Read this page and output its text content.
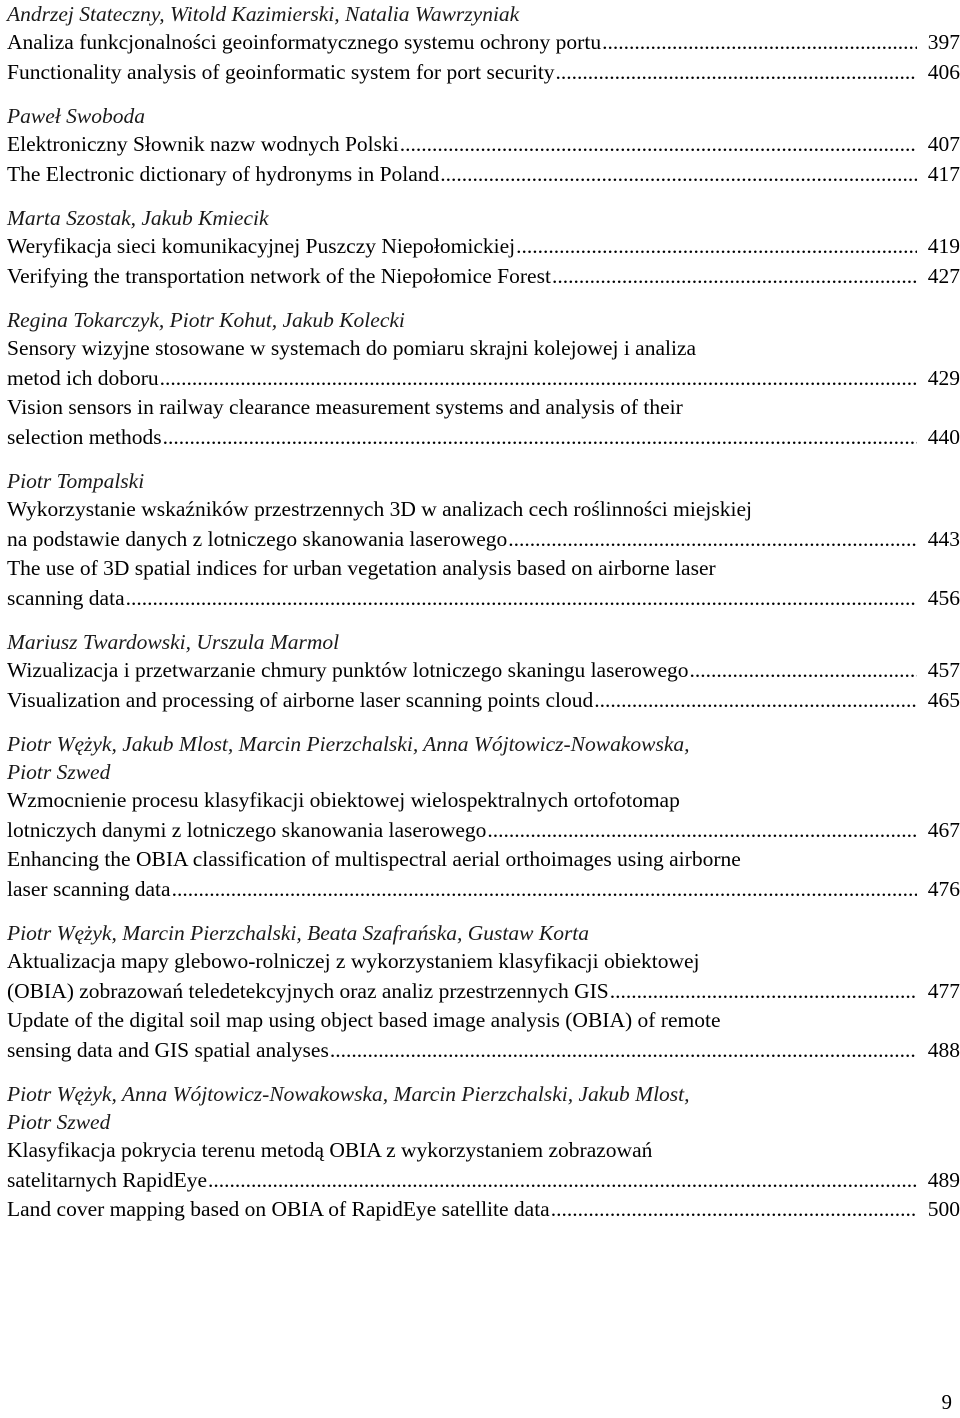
Andrzej Stateczny, Witold Kazimierski, Natalia Wawrzyniak
Analiza funkcjonalności geoinformatycznego systemu ochrony portu .....	397
Functionality analysis of geoinformatic system for port security .....	406
Paweł Swoboda
Elektroniczny Słownik nazw wodnych Polski .....	407
The Electronic dictionary of hydronyms in Poland .....	417
Marta Szostak, Jakub Kmiecik
Weryfikacja sieci komunikacyjnej Puszczy Niepołomickiej .....	419
Verifying the transportation network of the Niepołomice Forest .....	427
Regina Tokarczyk, Piotr Kohut, Jakub Kolecki
Sensory wizyjne stosowane w systemach do pomiaru skrajni kolejowej i analiza
metod ich doboru .....	429
Vision sensors in railway clearance measurement systems and analysis of their
selection methods .....	440
Piotr Tompalski
Wykorzystanie wskaźników przestrzennych 3D w analizach cech roślinności miejskiej
na podstawie danych z lotniczego skanowania laserowego .....	443
The use of 3D spatial indices for urban vegetation analysis based on airborne laser
scanning data .....	456
Mariusz Twardowski, Urszula Marmol
Wizualizacja i przetwarzanie chmury punktów lotniczego skaningu laserowego .....	457
Visualization and processing of airborne laser scanning points cloud .....	465
Piotr Wężyk, Jakub Mlost, Marcin Pierzchalski, Anna Wójtowicz-Nowakowska,
Piotr Szwed
Wzmocnienie procesu klasyfikacji obiektowej wielospektralnych ortofotomap
lotniczych danymi z lotniczego skanowania laserowego .....	467
Enhancing the OBIA classification of multispectral aerial orthoimages using airborne
laser scanning data .....	476
Piotr Wężyk, Marcin Pierzchalski, Beata Szafrańska, Gustaw Korta
Aktualizacja mapy glebowo-rolniczej z wykorzystaniem klasyfikacji obiektowej
(OBIA) zobrazowań teledetekcyjnych oraz analiz przestrzennych GIS .....	477
Update of the digital soil map using object based image analysis (OBIA) of remote
sensing data and GIS spatial analyses .....	488
Piotr Wężyk, Anna Wójtowicz-Nowakowska, Marcin Pierzchalski, Jakub Mlost,
Piotr Szwed
Klasyfikacja pokrycia terenu metodą OBIA z wykorzystaniem zobrazowań
satelitarnych RapidEye .....	489
Land cover mapping based on OBIA of RapidEye satellite data .....	500
9
